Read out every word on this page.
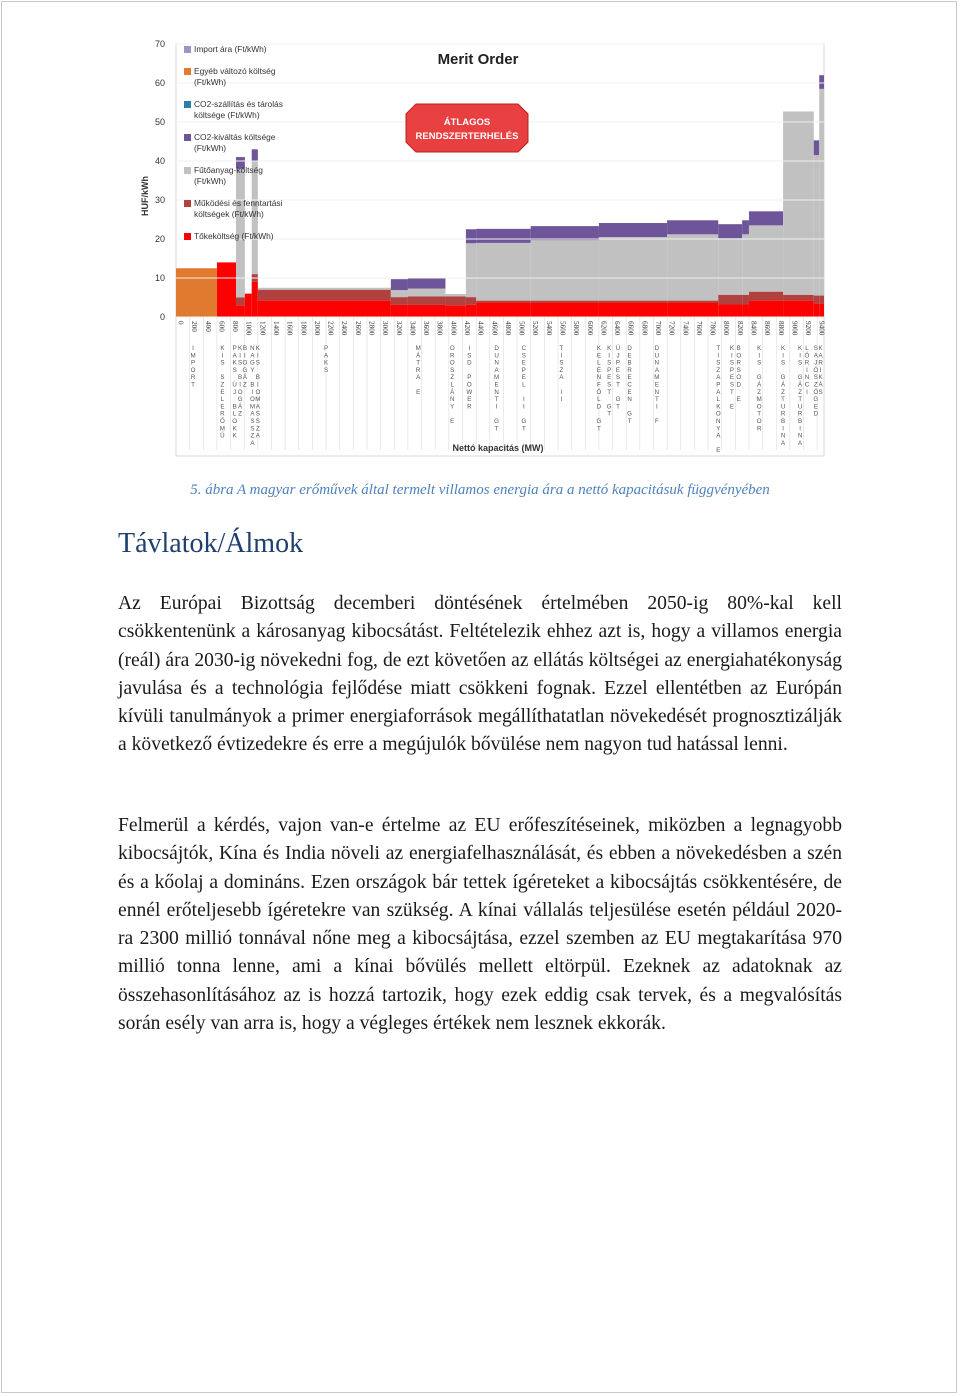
0
10
20
30
40
50
60
70
0 200 400 600 800 1000 1200 1400 1600 1800 2000 2200 2400 2600 2800 3000 3200 3400 3600 3800 4000 4200 4400 4600 4800 5000 5200 5400 5600 5800 6000 6200 6400 6600 6800 7000 7200 7400 7600 7800 8000 8200 8400 8600 8800 9000 9200 9400
I M P O R T
K I S S Z E L E R Ő M Ű
P A K S Ú J B L O K K
K I S B I O G Á Z
B I O G Á Z
N A G Y B I O M A S S Z A
K I S B I O M A S S Z A
P A K S
M Á T R A E
O R O S Z L Á N Y E
I S D P O W E R
D U N A M E N T I G T
C S E P E L I I G T
T I S Z A I I
K E L E N F Ö L D G T
K I S P E S T G T
Ú J P E S T G T
D E B R E C E N G T
D U N A M E N T I F
T I S Z A P A L K O N Y A E
K I S P E S T E
B O R S O D E
K I S G Á Z M O T O R
K I S G Á Z T U R B I N A
K I S G Á Z T U R B I N A
L Ő R I N C I
S A J Ó S Z Ö G E D
K A R I K Á S
Import ára (Ft/kWh)
Egyéb változó költség (Ft/kWh)
CO2-szállítás és tárolás költsége (Ft/kWh)
CO2-kiváltás költsége (Ft/kWh)
Fűtőanyag-költség (Ft/kWh)
Működési és fenntartási költségek (Ft/kWh)
Tőkeköltség (Ft/kWh)
Merit Order
ÁTLAGOS
RENDSZERTERHELÉS
Nettó kapacitás (MW)
HUF/kWh
5. ábra A magyar erőművek által termelt villamos energia ára a nettó kapacitásuk függvényében
Távlatok/Álmok

Az Európai Bizottság decemberi döntésének értelmében 2050-ig 80%-kal kell csökkentenünk a károsanyag kibocsátást. Feltételezik ehhez azt is, hogy a villamos energia (reál) ára 2030-ig növekedni fog, de ezt követően az ellátás költségei az energiahatékonyság javulása és a technológia fejlődése miatt csökkeni fognak. Ezzel ellentétben az Európán kívüli tanulmányok a primer energiaforrások megállíthatatlan növekedését prognosztizálják a következő évtizedekre és erre a megújulók bővülése nem nagyon tud hatással lenni.

Felmerül a kérdés, vajon van-e értelme az EU erőfeszítéseinek, miközben a legnagyobb kibocsájtók, Kína és India növeli az energiafelhasználását, és ebben a növekedésben a szén és a kőolaj a domináns. Ezen országok bár tettek ígéreteket a kibocsájtás csökkentésére, de ennél erőteljesebb ígéretekre van szükség. A kínai vállalás teljesülése esetén például 2020-ra 2300 millió tonnával nőne meg a kibocsájtása, ezzel szemben az EU megtakarítása 970 millió tonna lenne, ami a kínai bővülés mellett eltörpül. Ezeknek az adatoknak az összehasonlításához az is hozzá tartozik, hogy ezek eddig csak tervek, és a megvalósítás során esély van arra is, hogy a végleges értékek nem lesznek ekkorák.
